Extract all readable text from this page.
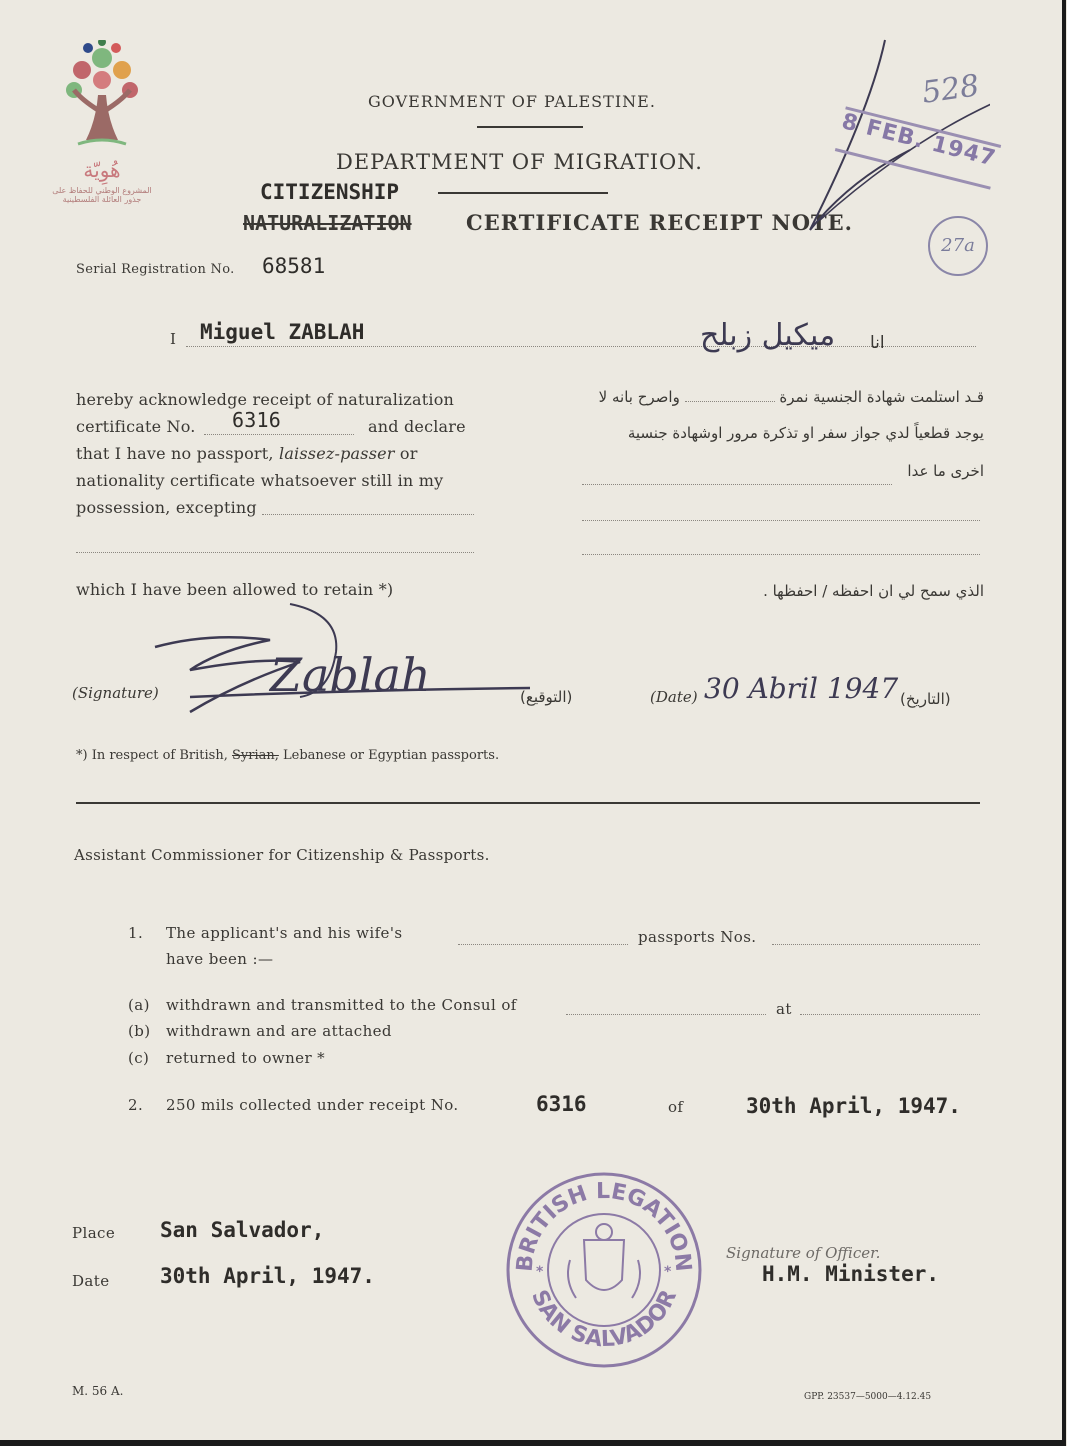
هُوِيّة
المشروع الوطني للحفاظ على
جذور العائلة الفلسطينية
GOVERNMENT OF PALESTINE.
DEPARTMENT OF MIGRATION.
CITIZENSHIP
NATURALIZATION	CERTIFICATE RECEIPT NOTE.
528
8 FEB. 1947
27a
Serial Registration No. 68581
I Miguel ZABLAH	ميكيل زبلح انا
hereby acknowledge receipt of naturalization
certificate No. 6316	and declare
that I have no passport, laissez-passer or
nationality certificate whatsoever still in my
possession, excepting
which I have been allowed to retain *)
قـد استلمت شهادة الجنسية نمرة  واصرح بانه لا
يوجد قطعياً لدي جواز سفر او تذكرة مرور اوشهادة جنسية
اخرى ما عدا
الذي سمح لي ان احفظه / احفظها .
(Signature) Zablah	(التوقيع)	(Date) 30 Abril 1947 (التاريخ)
*) In respect of British, Syrian, Lebanese or Egyptian passports.
Assistant Commissioner for Citizenship & Passports.
1. The applicant's and his wife's	passports Nos.
have been :—
(a) withdrawn and transmitted to the Consul of	at
(b) withdrawn and are attached
(c) returned to owner *
2. 250 mils collected under receipt No.	6316	of	30th April, 1947.
Place San Salvador,
Date 30th April, 1947.
BRITISH LEGATION
SAN SALVADOR
*	*
Signature of Officer.
H.M. Minister.
M. 56 A.	GPP. 23537—5000—4.12.45
